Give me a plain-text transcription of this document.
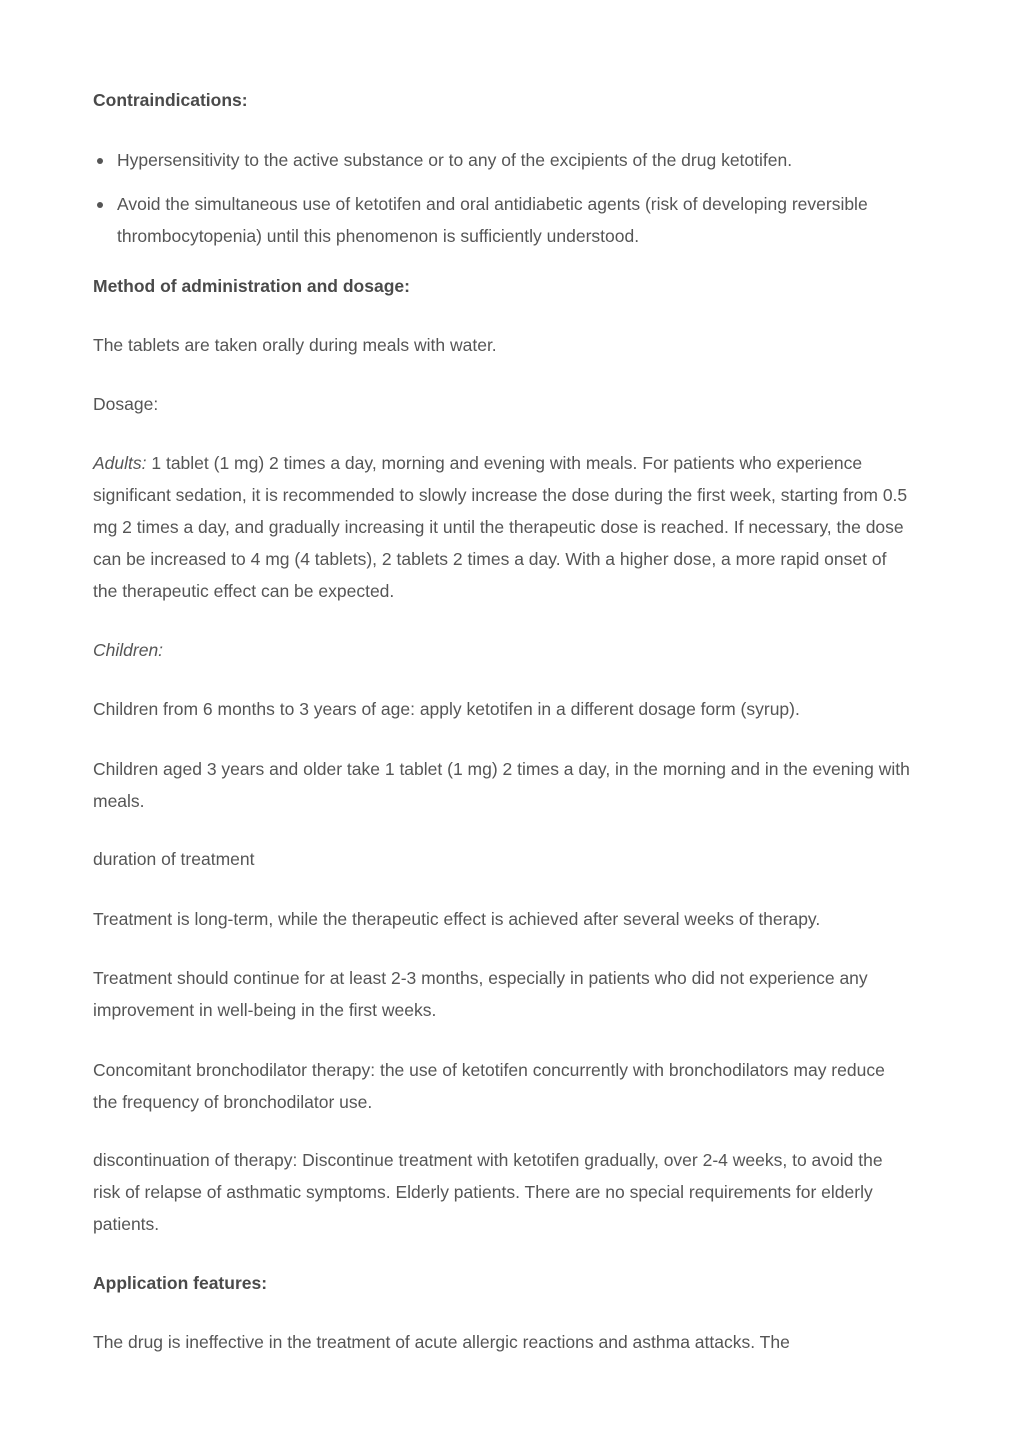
Contraindications:

Hypersensitivity to the active substance or to any of the excipients of the drug ketotifen.
Avoid the simultaneous use of ketotifen and oral antidiabetic agents (risk of developing reversible thrombocytopenia) until this phenomenon is sufficiently understood.

Method of administration and dosage:

The tablets are taken orally during meals with water.

Dosage:

Adults: 1 tablet (1 mg) 2 times a day, morning and evening with meals. For patients who experience significant sedation, it is recommended to slowly increase the dose during the first week, starting from 0.5 mg 2 times a day, and gradually increasing it until the therapeutic dose is reached. If necessary, the dose can be increased to 4 mg (4 tablets), 2 tablets 2 times a day. With a higher dose, a more rapid onset of the therapeutic effect can be expected.

Children:

Children from 6 months to 3 years of age: apply ketotifen in a different dosage form (syrup).

Children aged 3 years and older take 1 tablet (1 mg) 2 times a day, in the morning and in the evening with meals.

duration of treatment

Treatment is long-term, while the therapeutic effect is achieved after several weeks of therapy.

Treatment should continue for at least 2-3 months, especially in patients who did not experience any improvement in well-being in the first weeks.

Concomitant bronchodilator therapy: the use of ketotifen concurrently with bronchodilators may reduce the frequency of bronchodilator use.

discontinuation of therapy: Discontinue treatment with ketotifen gradually, over 2-4 weeks, to avoid the risk of relapse of asthmatic symptoms. Elderly patients. There are no special requirements for elderly patients.

Application features:

The drug is ineffective in the treatment of acute allergic reactions and asthma attacks. The
